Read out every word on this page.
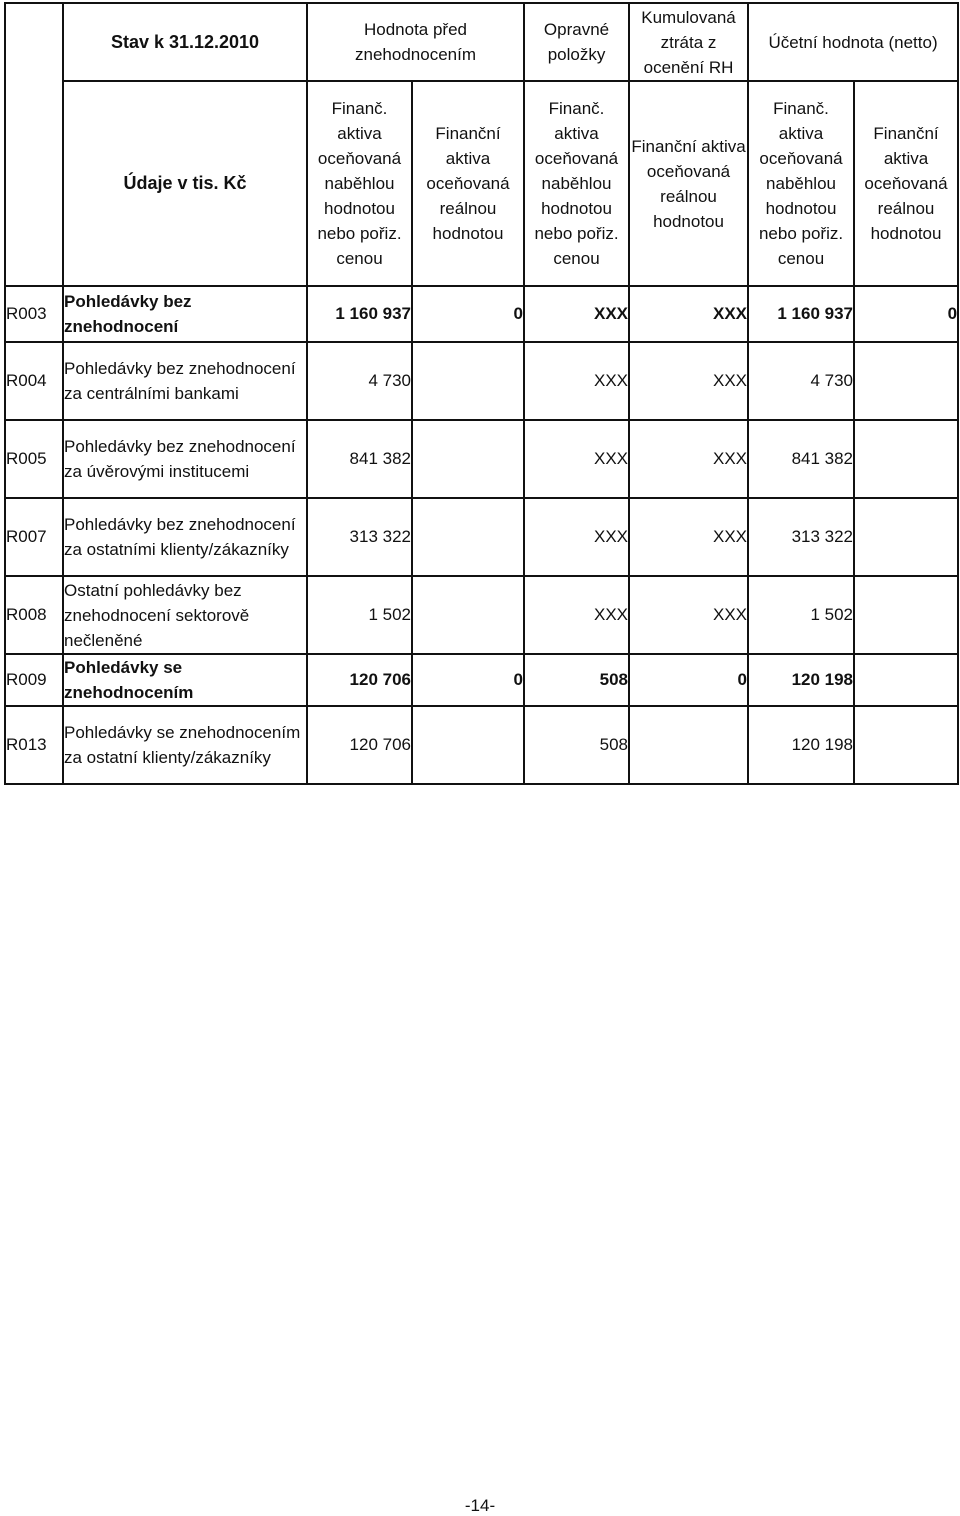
	Stav k 31.12.2010	Hodnota před znehodnocením		Opravné položky	Kumulovaná ztráta z ocenění RH	Účetní hodnota (netto)	
	Údaje v tis. Kč	Finanč. aktiva oceňovaná naběhlou hodnotou nebo pořiz. cenou	Finanční aktiva oceňovaná reálnou hodnotou	Finanč. aktiva oceňovaná naběhlou hodnotou nebo pořiz. cenou	Finanční aktiva oceňovaná reálnou hodnotou	Finanč. aktiva oceňovaná naběhlou hodnotou nebo pořiz. cenou	Finanční aktiva oceňovaná reálnou hodnotou
R003	Pohledávky bez znehodnocení	1 160 937	0	XXX	XXX	1 160 937	0
R004	Pohledávky bez znehodnocení za centrálními bankami	4 730		XXX	XXX	4 730	
R005	Pohledávky bez znehodnocení za úvěrovými institucemi	841 382		XXX	XXX	841 382	
R007	Pohledávky bez znehodnocení za ostatními klienty/zákazníky	313 322		XXX	XXX	313 322	
R008	Ostatní pohledávky bez znehodnocení sektorově nečleněné	1 502		XXX	XXX	1 502	
R009	Pohledávky se znehodnocením	120 706	0	508	0	120 198	
R013	Pohledávky se znehodnocením za ostatní klienty/zákazníky	120 706		508		120 198	
-14-
